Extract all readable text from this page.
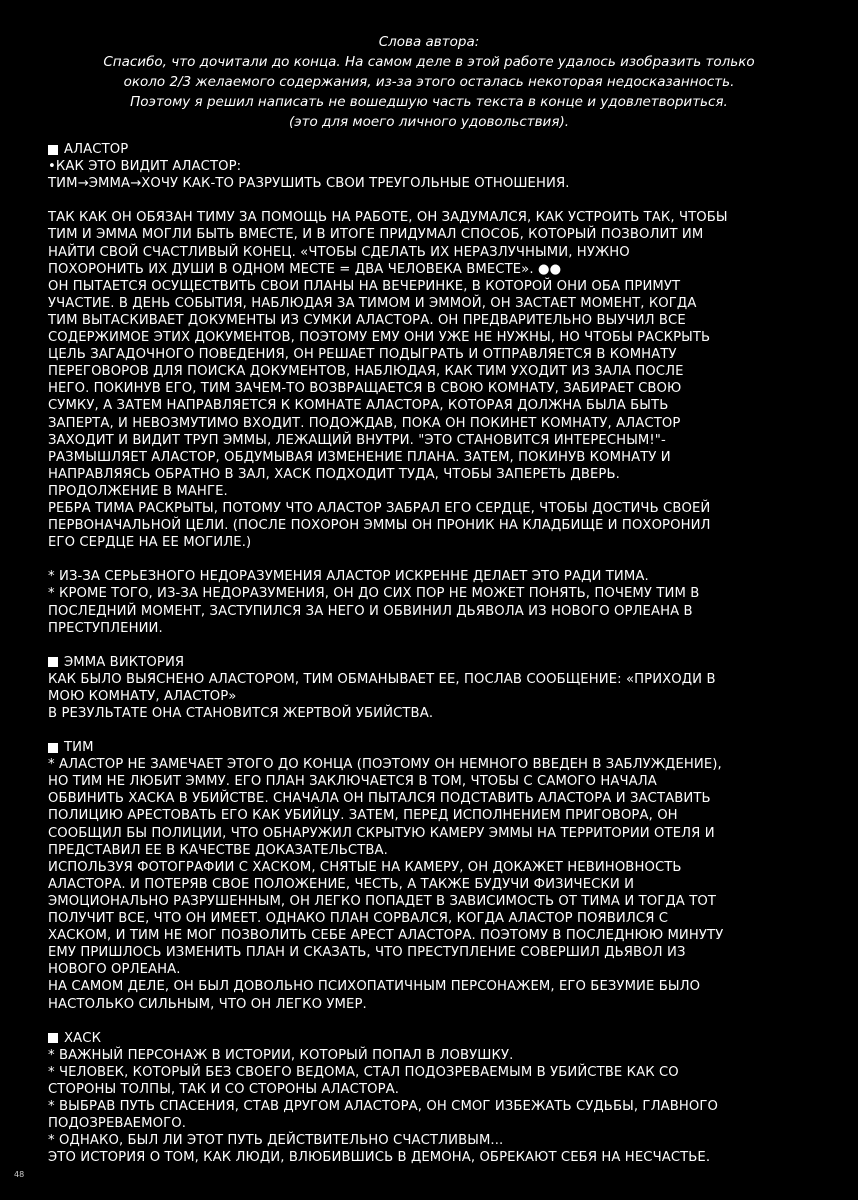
Слова автора:

Спасибо, что дочитали до конца. На самом деле в этой работе удалось изобразить только

около 2/3 желаемого содержания, из-за этого осталась некоторая недосказанность.

Поэтому я решил написать не вошедшую часть текста в конце и удовлетвориться.

(это для моего личного удовольствия).

АЛАСТОР

•КАК ЭТО ВИДИТ АЛАСТОР:

ТИМ→ЭММА→ХОЧУ КАК-ТО РАЗРУШИТЬ СВОИ ТРЕУГОЛЬНЫЕ ОТНОШЕНИЯ.

ТАК КАК ОН ОБЯЗАН ТИМУ ЗА ПОМОЩЬ НА РАБОТЕ, ОН ЗАДУМАЛСЯ, КАК УСТРОИТЬ ТАК, ЧТОБЫ

ТИМ И ЭММА МОГЛИ БЫТЬ ВМЕСТЕ, И В ИТОГЕ ПРИДУМАЛ СПОСОБ, КОТОРЫЙ ПОЗВОЛИТ ИМ

НАЙТИ СВОЙ СЧАСТЛИВЫЙ КОНЕЦ. «ЧТОБЫ СДЕЛАТЬ ИХ НЕРАЗЛУЧНЫМИ, НУЖНО

ПОХОРОНИТЬ ИХ ДУШИ В ОДНОМ МЕСТЕ = ДВА ЧЕЛОВЕКА ВМЕСТЕ». ●●

ОН ПЫТАЕТСЯ ОСУЩЕСТВИТЬ СВОИ ПЛАНЫ НА ВЕЧЕРИНКЕ, В КОТОРОЙ ОНИ ОБА ПРИМУТ

УЧАСТИЕ. В ДЕНЬ СОБЫТИЯ, НАБЛЮДАЯ ЗА ТИМОМ И ЭММОЙ, ОН ЗАСТАЕТ МОМЕНТ, КОГДА

ТИМ ВЫТАСКИВАЕТ ДОКУМЕНТЫ ИЗ СУМКИ АЛАСТОРА. ОН ПРЕДВАРИТЕЛЬНО ВЫУЧИЛ ВСЕ

СОДЕРЖИМОЕ ЭТИХ ДОКУМЕНТОВ, ПОЭТОМУ ЕМУ ОНИ УЖЕ НЕ НУЖНЫ, НО ЧТОБЫ РАСКРЫТЬ

ЦЕЛЬ ЗАГАДОЧНОГО ПОВЕДЕНИЯ, ОН РЕШАЕТ ПОДЫГРАТЬ И ОТПРАВЛЯЕТСЯ В КОМНАТУ

ПЕРЕГОВОРОВ ДЛЯ ПОИСКА ДОКУМЕНТОВ, НАБЛЮДАЯ, КАК ТИМ УХОДИТ ИЗ ЗАЛА ПОСЛЕ

НЕГО. ПОКИНУВ ЕГО, ТИМ ЗАЧЕМ-ТО ВОЗВРАЩАЕТСЯ В СВОЮ КОМНАТУ, ЗАБИРАЕТ СВОЮ

СУМКУ, А ЗАТЕМ НАПРАВЛЯЕТСЯ К КОМНАТЕ АЛАСТОРА, КОТОРАЯ ДОЛЖНА БЫЛА БЫТЬ

ЗАПЕРТА, И НЕВОЗМУТИМО ВХОДИТ. ПОДОЖДАВ, ПОКА ОН ПОКИНЕТ КОМНАТУ, АЛАСТОР

ЗАХОДИТ И ВИДИТ ТРУП ЭММЫ, ЛЕЖАЩИЙ ВНУТРИ. "ЭТО СТАНОВИТСЯ ИНТЕРЕСНЫМ!"-

РАЗМЫШЛЯЕТ АЛАСТОР, ОБДУМЫВАЯ ИЗМЕНЕНИЕ ПЛАНА. ЗАТЕМ, ПОКИНУВ КОМНАТУ И

НАПРАВЛЯЯСЬ ОБРАТНО В ЗАЛ, ХАСК ПОДХОДИТ ТУДА, ЧТОБЫ ЗАПЕРЕТЬ ДВЕРЬ.

ПРОДОЛЖЕНИЕ В МАНГЕ.

РЕБРА ТИМА РАСКРЫТЫ, ПОТОМУ ЧТО АЛАСТОР ЗАБРАЛ ЕГО СЕРДЦЕ, ЧТОБЫ ДОСТИЧЬ СВОЕЙ

ПЕРВОНАЧАЛЬНОЙ ЦЕЛИ. (ПОСЛЕ ПОХОРОН ЭММЫ ОН ПРОНИК НА КЛАДБИЩЕ И ПОХОРОНИЛ

ЕГО СЕРДЦЕ НА ЕЕ МОГИЛЕ.)

* ИЗ-ЗА СЕРЬЕЗНОГО НЕДОРАЗУМЕНИЯ АЛАСТОР ИСКРЕННЕ ДЕЛАЕТ ЭТО РАДИ ТИМА.

* КРОМЕ ТОГО, ИЗ-ЗА НЕДОРАЗУМЕНИЯ, ОН ДО СИХ ПОР НЕ МОЖЕТ ПОНЯТЬ, ПОЧЕМУ ТИМ В

ПОСЛЕДНИЙ МОМЕНТ, ЗАСТУПИЛСЯ ЗА НЕГО И ОБВИНИЛ ДЬЯВОЛА ИЗ НОВОГО ОРЛЕАНА В

ПРЕСТУПЛЕНИИ.

ЭММА ВИКТОРИЯ

КАК БЫЛО ВЫЯСНЕНО АЛАСТОРОМ, ТИМ ОБМАНЫВАЕТ ЕЕ, ПОСЛАВ СООБЩЕНИЕ: «ПРИХОДИ В

МОЮ КОМНАТУ, АЛАСТОР»

В РЕЗУЛЬТАТЕ ОНА СТАНОВИТСЯ ЖЕРТВОЙ УБИЙСТВА.

ТИМ

* АЛАСТОР НЕ ЗАМЕЧАЕТ ЭТОГО ДО КОНЦА (ПОЭТОМУ ОН НЕМНОГО ВВЕДЕН В ЗАБЛУЖДЕНИЕ),

НО ТИМ НЕ ЛЮБИТ ЭММУ. ЕГО ПЛАН ЗАКЛЮЧАЕТСЯ В ТОМ, ЧТОБЫ С САМОГО НАЧАЛА

ОБВИНИТЬ ХАСКА В УБИЙСТВЕ. СНАЧАЛА ОН ПЫТАЛСЯ ПОДСТАВИТЬ АЛАСТОРА И ЗАСТАВИТЬ

ПОЛИЦИЮ АРЕСТОВАТЬ ЕГО КАК УБИЙЦУ. ЗАТЕМ, ПЕРЕД ИСПОЛНЕНИЕМ ПРИГОВОРА, ОН

СООБЩИЛ БЫ ПОЛИЦИИ, ЧТО ОБНАРУЖИЛ СКРЫТУЮ КАМЕРУ ЭММЫ НА ТЕРРИТОРИИ ОТЕЛЯ И

ПРЕДСТАВИЛ ЕЕ В КАЧЕСТВЕ ДОКАЗАТЕЛЬСТВА.

ИСПОЛЬЗУЯ ФОТОГРАФИИ С ХАСКОМ, СНЯТЫЕ НА КАМЕРУ, ОН ДОКАЖЕТ НЕВИНОВНОСТЬ

АЛАСТОРА. И ПОТЕРЯВ СВОЕ ПОЛОЖЕНИЕ, ЧЕСТЬ, А ТАКЖЕ БУДУЧИ ФИЗИЧЕСКИ И

ЭМОЦИОНАЛЬНО РАЗРУШЕННЫМ, ОН ЛЕГКО ПОПАДЕТ В ЗАВИСИМОСТЬ ОТ ТИМА И ТОГДА ТОТ

ПОЛУЧИТ ВСЕ, ЧТО ОН ИМЕЕТ. ОДНАКО ПЛАН СОРВАЛСЯ, КОГДА АЛАСТОР ПОЯВИЛСЯ С

ХАСКОМ, И ТИМ НЕ МОГ ПОЗВОЛИТЬ СЕБЕ АРЕСТ АЛАСТОРА. ПОЭТОМУ В ПОСЛЕДНЮЮ МИНУТУ

ЕМУ ПРИШЛОСЬ ИЗМЕНИТЬ ПЛАН И СКАЗАТЬ, ЧТО ПРЕСТУПЛЕНИЕ СОВЕРШИЛ ДЬЯВОЛ ИЗ

НОВОГО ОРЛЕАНА.

НА САМОМ ДЕЛЕ, ОН БЫЛ ДОВОЛЬНО ПСИХОПАТИЧНЫМ ПЕРСОНАЖЕМ, ЕГО БЕЗУМИЕ БЫЛО

НАСТОЛЬКО СИЛЬНЫМ, ЧТО ОН ЛЕГКО УМЕР.

ХАСК

* ВАЖНЫЙ ПЕРСОНАЖ В ИСТОРИИ, КОТОРЫЙ ПОПАЛ В ЛОВУШКУ.

* ЧЕЛОВЕК, КОТОРЫЙ БЕЗ СВОЕГО ВЕДОМА, СТАЛ ПОДОЗРЕВАЕМЫМ В УБИЙСТВЕ КАК СО

СТОРОНЫ ТОЛПЫ, ТАК И СО СТОРОНЫ АЛАСТОРА.

* ВЫБРАВ ПУТЬ СПАСЕНИЯ, СТАВ ДРУГОМ АЛАСТОРА, ОН СМОГ ИЗБЕЖАТЬ СУДЬБЫ, ГЛАВНОГО

ПОДОЗРЕВАЕМОГО.

* ОДНАКО, БЫЛ ЛИ ЭТОТ ПУТЬ ДЕЙСТВИТЕЛЬНО СЧАСТЛИВЫМ...

ЭТО ИСТОРИЯ О ТОМ, КАК ЛЮДИ, ВЛЮБИВШИСЬ В ДЕМОНА, ОБРЕКАЮТ СЕБЯ НА НЕСЧАСТЬЕ.

48
